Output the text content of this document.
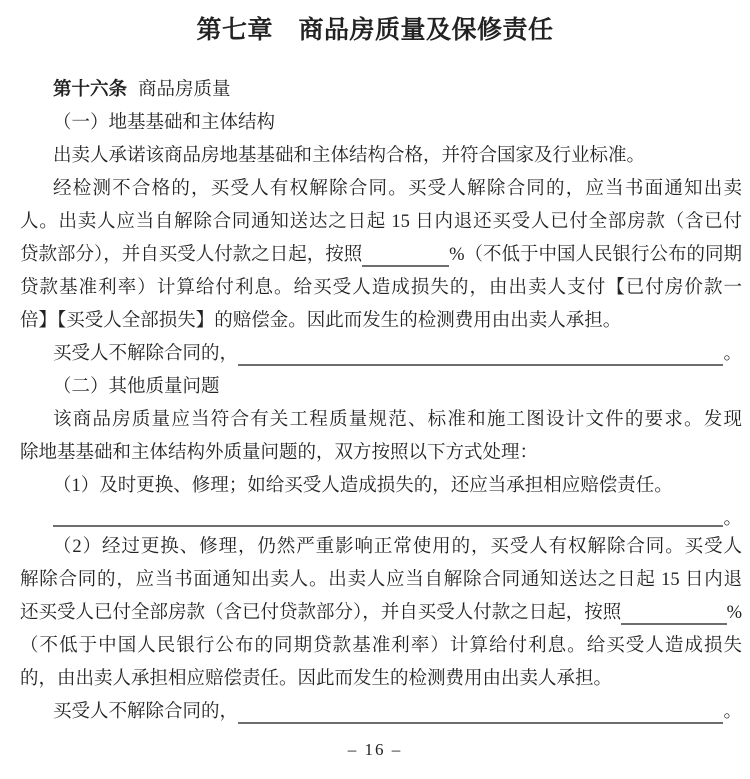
第七章　商品房质量及保修责任
第十六条 商品房质量
（一）地基基础和主体结构
出卖人承诺该商品房地基基础和主体结构合格，并符合国家及行业标准。
经检测不合格的，买受人有权解除合同。买受人解除合同的，应当书面通知出卖
人。出卖人应当自解除合同通知送达之日起 15 日内退还买受人已付全部房款（含已付
贷款部分），并自买受人付款之日起，按照	%（不低于中国人民银行公布的同期
贷款基准利率）计算给付利息。给买受人造成损失的，由出卖人支付【已付房价款一
倍】【买受人全部损失】的赔偿金。因此而发生的检测费用由出卖人承担。
买受人不解除合同的，	。
（二）其他质量问题
该商品房质量应当符合有关工程质量规范、标准和施工图设计文件的要求。发现
除地基基础和主体结构外质量问题的，双方按照以下方式处理：
（1）及时更换、修理；如给买受人造成损失的，还应当承担相应赔偿责任。
。
（2）经过更换、修理，仍然严重影响正常使用的，买受人有权解除合同。买受人
解除合同的，应当书面通知出卖人。出卖人应当自解除合同通知送达之日起 15 日内退
还买受人已付全部房款（含已付贷款部分），并自买受人付款之日起，按照	%
（不低于中国人民银行公布的同期贷款基准利率）计算给付利息。给买受人造成损失
的，由出卖人承担相应赔偿责任。因此而发生的检测费用由出卖人承担。
买受人不解除合同的，	。
– 16 –
